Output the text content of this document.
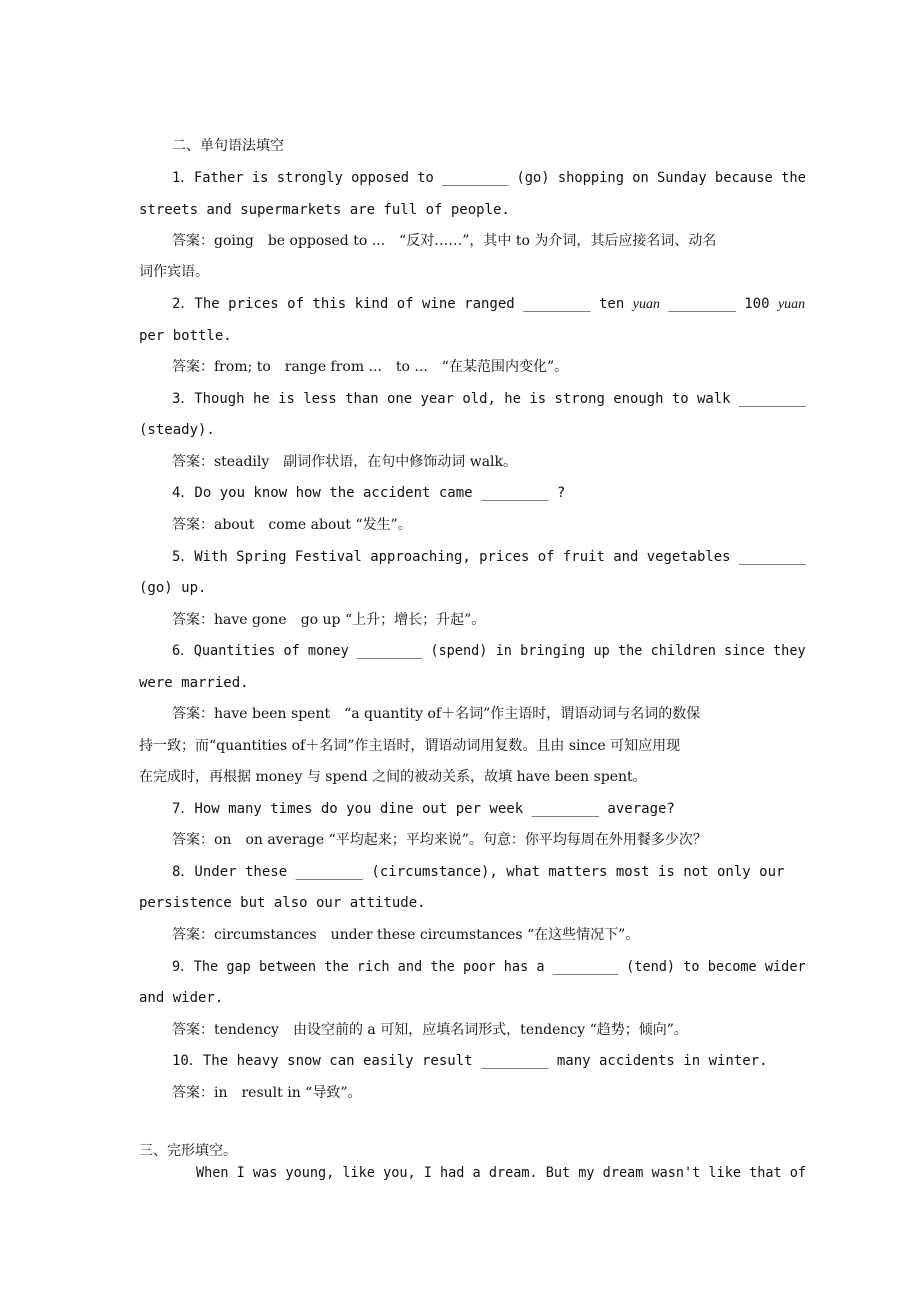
二、单句语法填空
1．Father is strongly opposed to ________ (go) shopping on Sunday because the
streets and supermarkets are full of people.
答案：going　be opposed to ...　“反对……”，其中 to 为介词，其后应接名词、动名
词作宾语。
2．The prices of this kind of wine ranged ________ ten yuan ________ 100 yuan
per bottle.
答案：from; to　range from ...　to ...　“在某范围内变化”。
3．Though he is less than one year old, he is strong enough to walk ________
(steady).
答案：steadily　副词作状语，在句中修饰动词 walk。
4．Do you know how the accident came ________ ?
答案：about　come about “发生”。
5．With Spring Festival approaching, prices of fruit and vegetables ________
(go) up.
答案：have gone　go up “上升；增长；升起”。
6．Quantities of money ________ (spend) in bringing up the children since they
were married.
答案：have been spent　“a quantity of＋名词”作主语时，谓语动词与名词的数保
持一致；而“quantities of＋名词”作主语时，谓语动词用复数。且由 since 可知应用现
在完成时，再根据 money 与 spend 之间的被动关系，故填 have been spent。
7．How many times do you dine out per week ________ average?
答案：on　on average “平均起来；平均来说”。句意：你平均每周在外用餐多少次？
8．Under these ________ (circumstance), what matters most is not only our
persistence but also our attitude.
答案：circumstances　under these circumstances “在这些情况下”。
9．The gap between the rich and the poor has a ________ (tend) to become wider
and wider.
答案：tendency　由设空前的 a 可知，应填名词形式，tendency “趋势；倾向”。
10．The heavy snow can easily result ________ many accidents in winter.
答案：in　result in “导致”。
三、完形填空。
When I was young, like you, I had a dream. But my dream wasn't like that of
